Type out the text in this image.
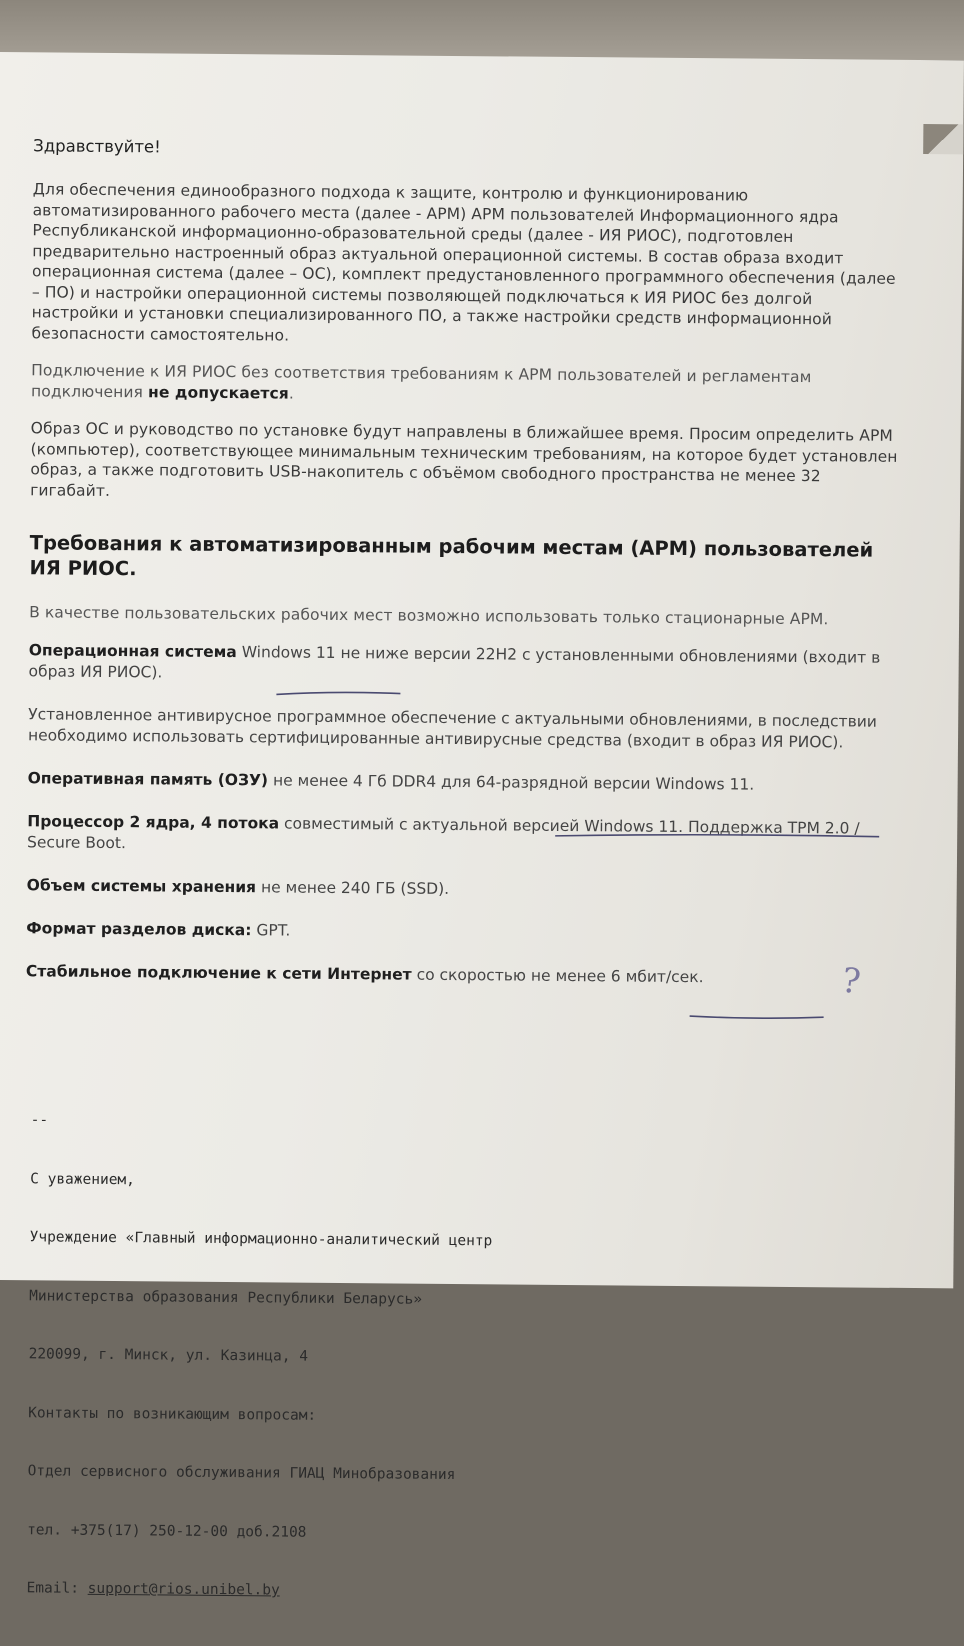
Здравствуйте!

Для обеспечения единообразного подхода к защите, контролю и функционированию автоматизированного рабочего места (далее - АРМ) АРМ пользователей Информационного ядра Республиканской информационно-образовательной среды (далее - ИЯ РИОС), подготовлен предварительно настроенный образ актуальной операционной системы. В состав образа входит операционная система (далее – ОС), комплект предустановленного программного обеспечения (далее – ПО) и настройки операционной системы позволяющей подключаться к ИЯ РИОС без долгой настройки и установки специализированного ПО, а также настройки средств информационной безопасности самостоятельно.

Подключение к ИЯ РИОС без соответствия требованиям к АРМ пользователей и регламентам подключения не допускается.

Образ ОС и руководство по установке будут направлены в ближайшее время. Просим определить АРМ (компьютер), соответствующее минимальным техническим требованиям, на которое будет установлен образ, а также подготовить USB-накопитель с объёмом свободного пространства не менее 32 гигабайт.

Требования к автоматизированным рабочим местам (АРМ) пользователей ИЯ РИОС.

В качестве пользовательских рабочих мест возможно использовать только стационарные АРМ.

Операционная система Windows 11 не ниже версии 22H2 с установленными обновлениями (входит в образ ИЯ РИОС).
Установленное антивирусное программное обеспечение с актуальными обновлениями, в последствии необходимо использовать сертифицированные антивирусные средства (входит в образ ИЯ РИОС).
Оперативная память (ОЗУ) не менее 4 Гб DDR4 для 64-разрядной версии Windows 11.
Процессор 2 ядра, 4 потока совместимый с актуальной версией Windows 11. Поддержка TPM 2.0 / Secure Boot.
Объем системы хранения не менее 240 ГБ (SSD).
Формат разделов диска: GPT.
Стабильное подключение к сети Интернет со скоростью не менее 6 мбит/сек.	?

--

С уважением,

Учреждение «Главный информационно-аналитический центр

Министерства образования Республики Беларусь»

220099, г. Минск, ул. Казинца, 4

Контакты по возникающим вопросам:

Отдел сервисного обслуживания ГИАЦ Минобразования

тел. +375(17) 250-12-00 доб.2108

Email: support@rios.unibel.by
